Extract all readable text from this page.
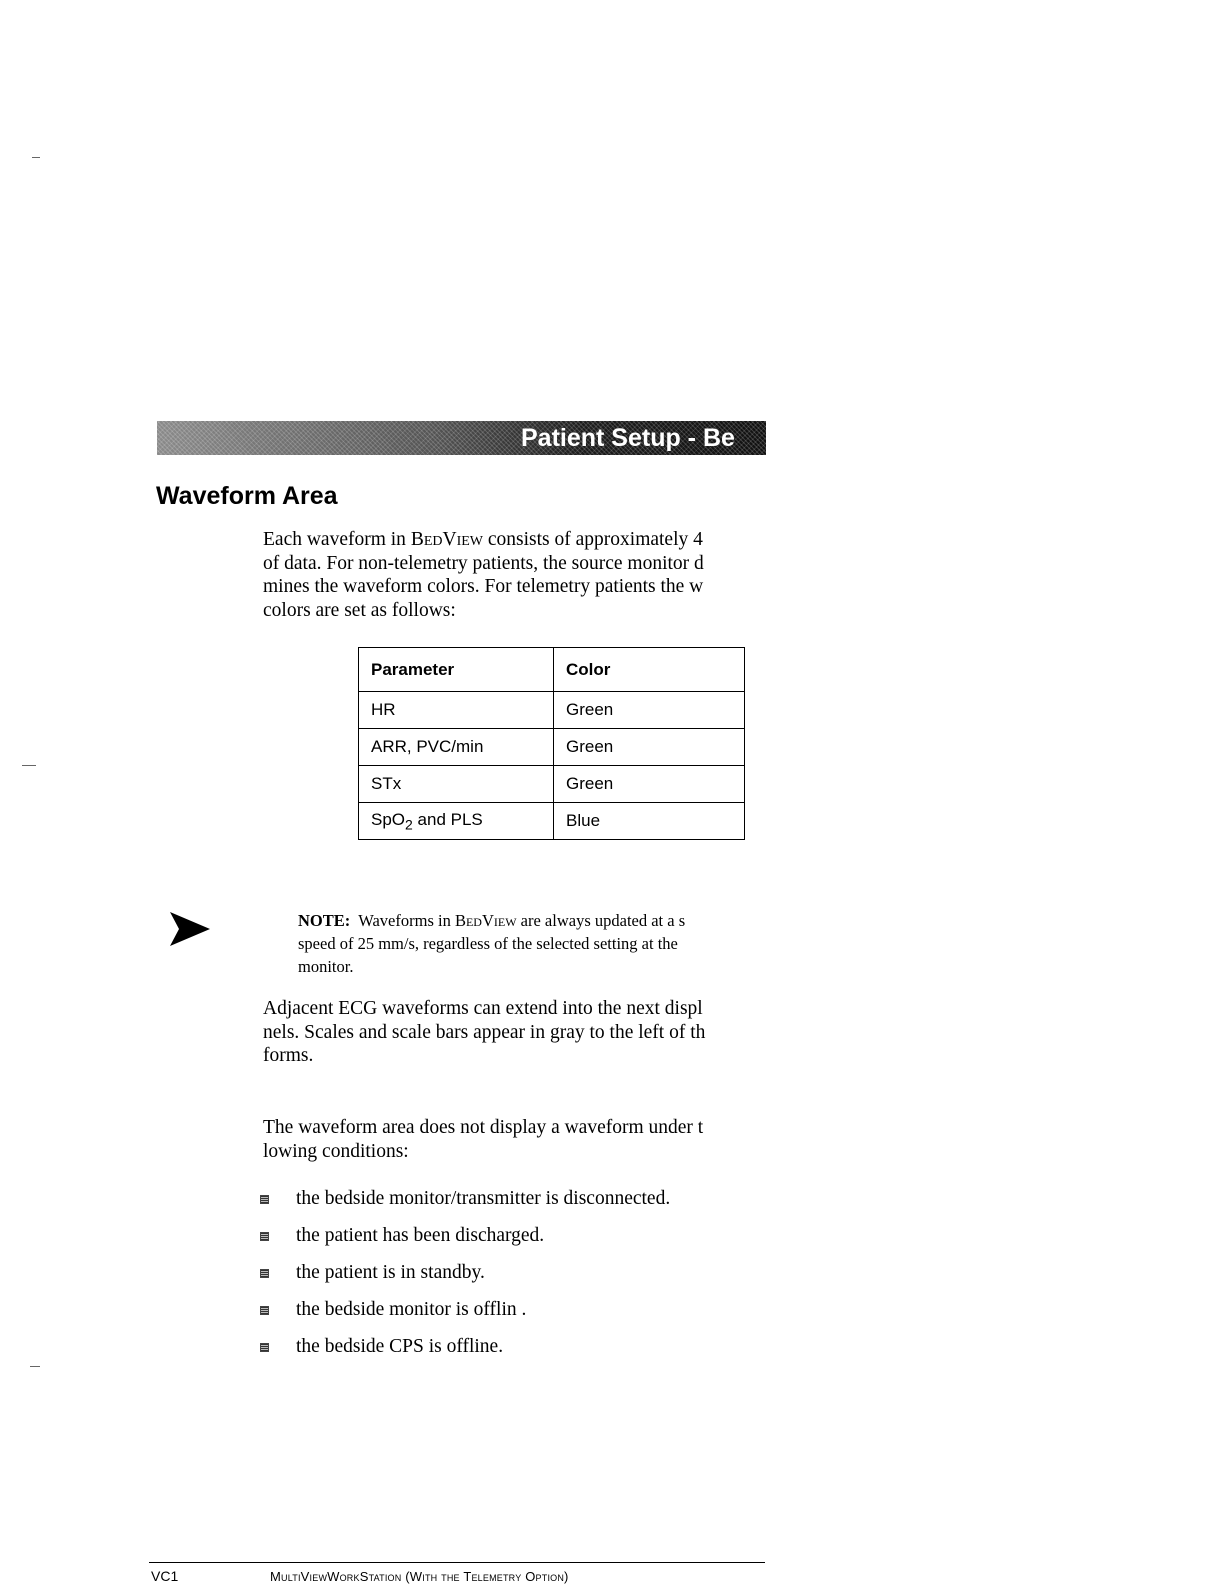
Patient Setup - Be
Waveform Area
Each waveform in BedView consists of approximately 4
of data. For non-telemetry patients, the source monitor d
mines the waveform colors. For telemetry patients the w
colors are set as follows:
Parameter	Color
HR	Green
ARR, PVC/min	Green
STx	Green
SpO$_2$ and PLS	Blue
NOTE:  Waveforms in BedView are always updated at a s
speed of 25 mm/s, regardless of the selected setting at the
monitor.
Adjacent ECG waveforms can extend into the next displ
nels. Scales and scale bars appear in gray to the left of th
forms.
The waveform area does not display a waveform under t
lowing conditions:
the bedside monitor/transmitter is disconnected.
the patient has been discharged.
the patient is in standby.
the bedside monitor is offlin .
the bedside CPS is offline.
VC1	MultiViewWorkStation (With the Telemetry Option)
